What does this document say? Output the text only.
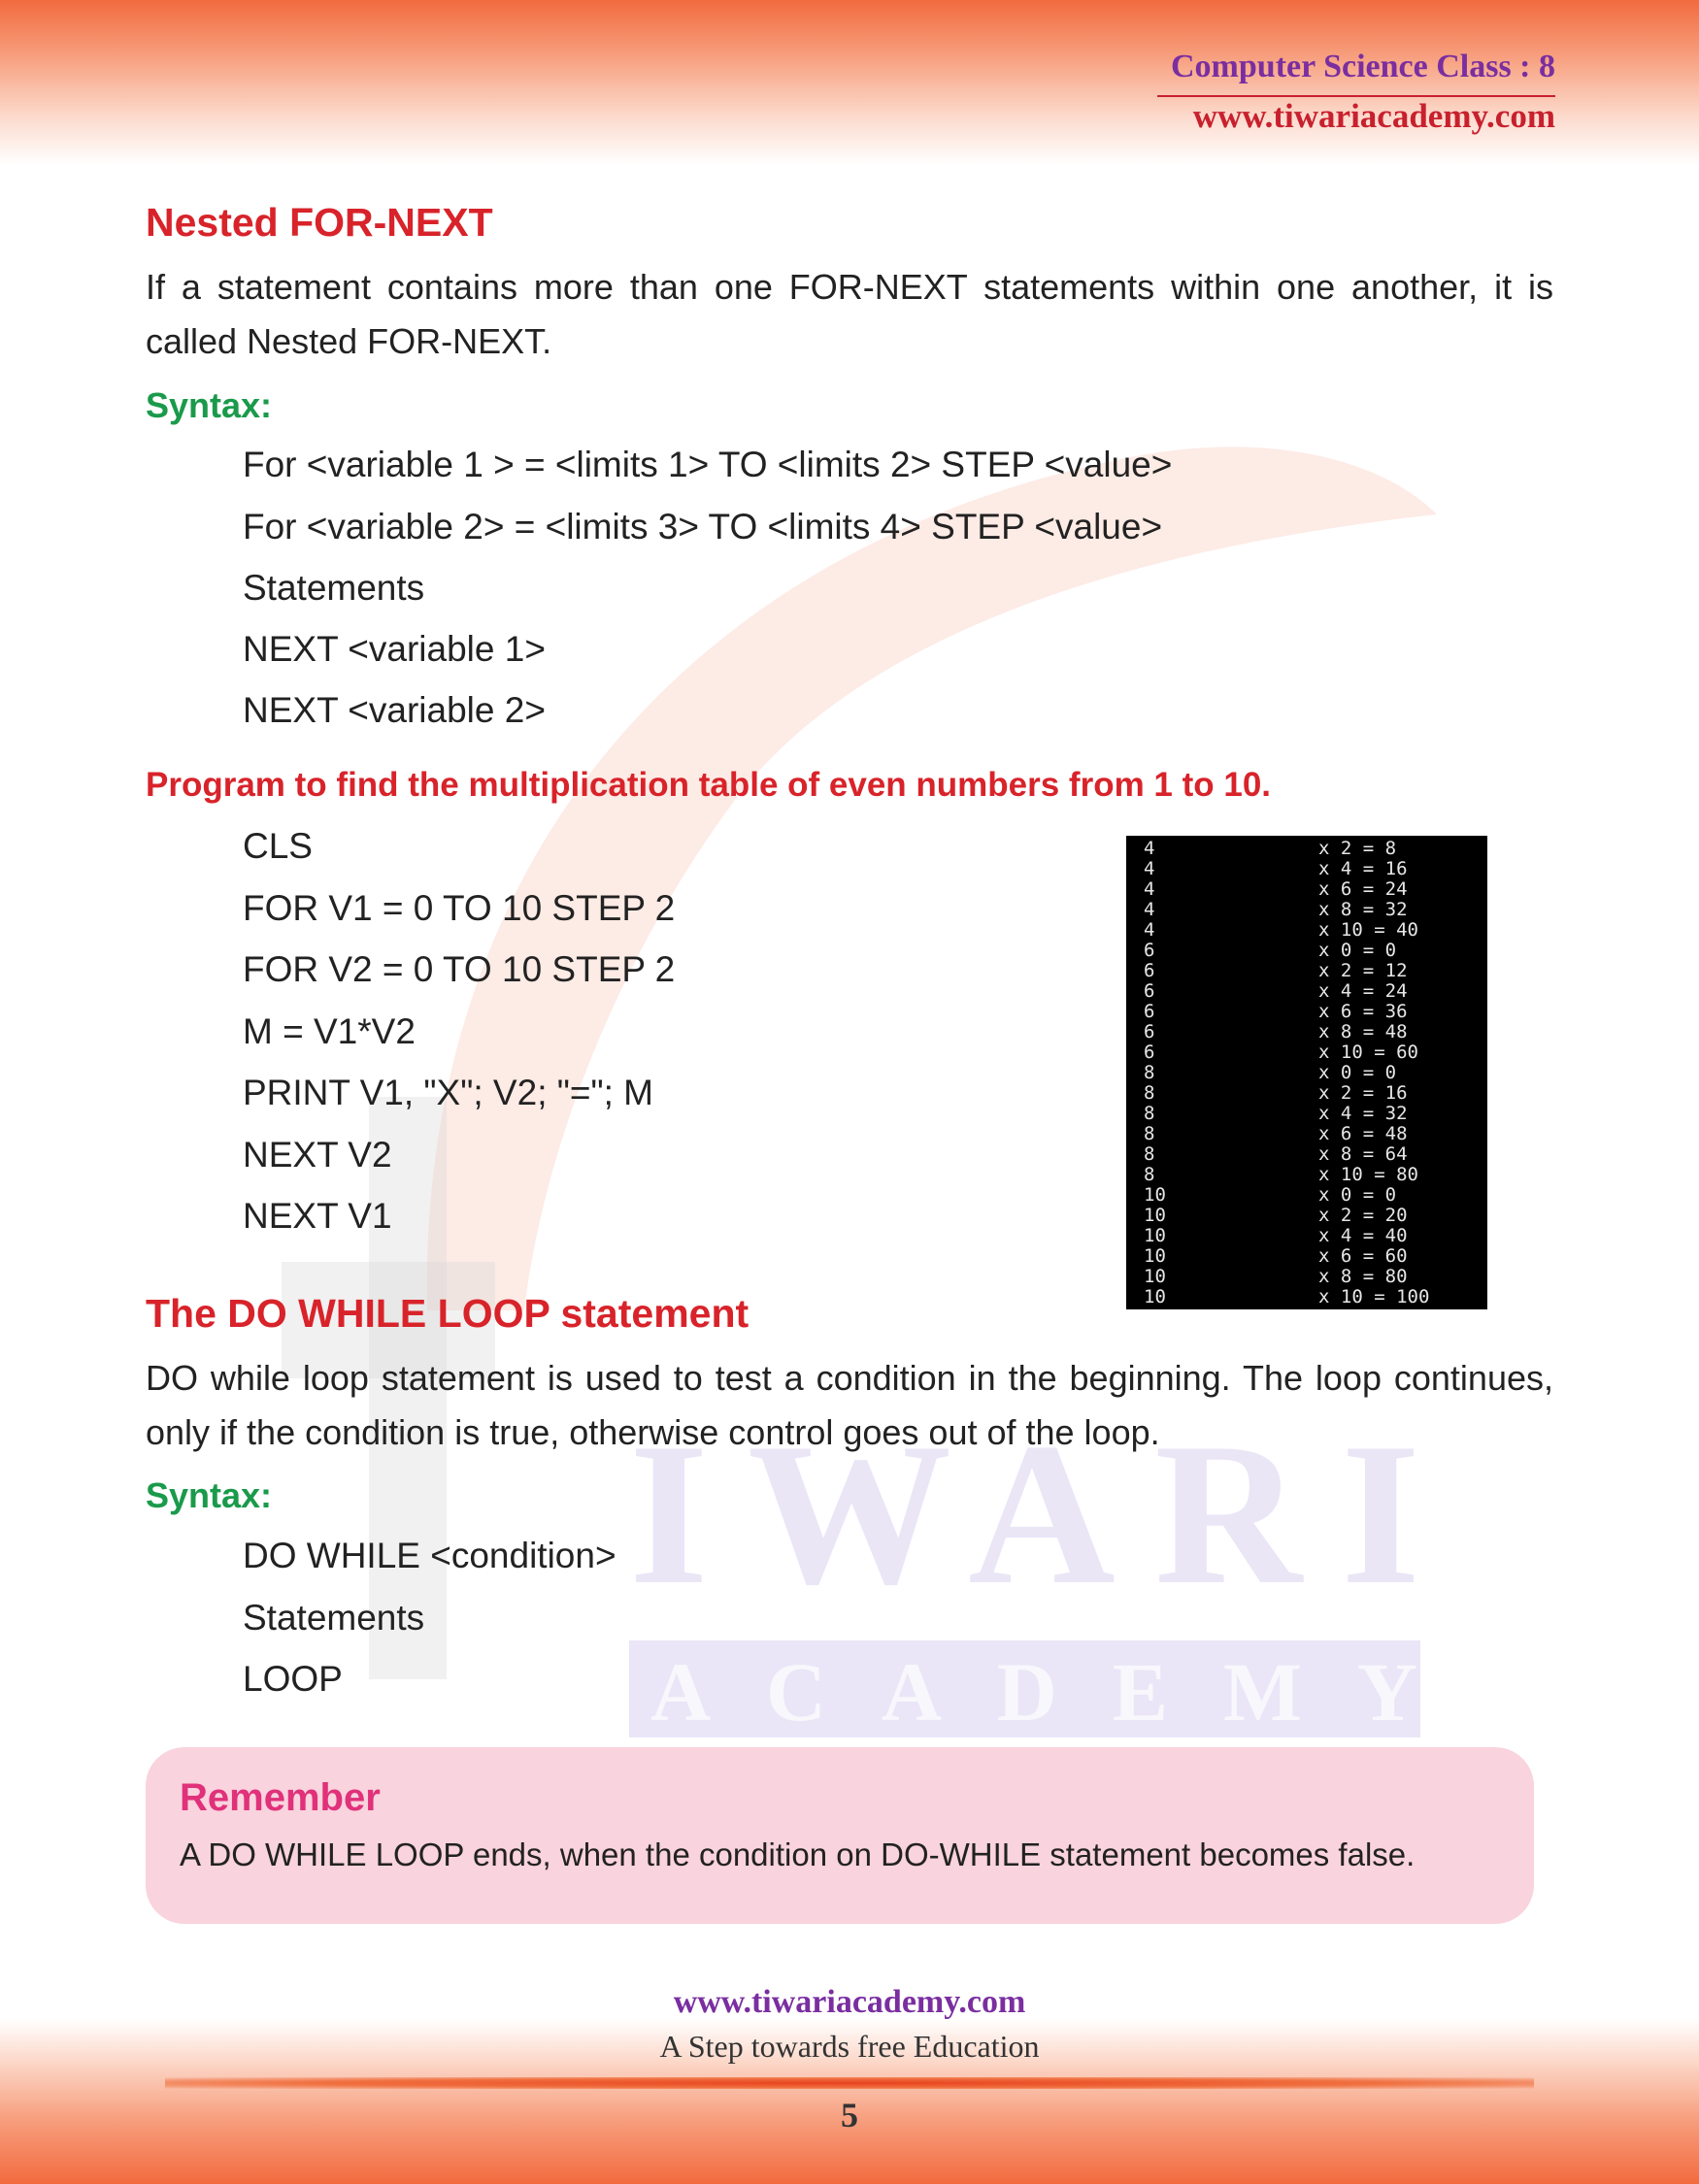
IWARI
ACADEMY
Computer Science Class : 8
www.tiwariacademy.com
Nested FOR-NEXT

If a statement contains more than one FOR-NEXT statements within one another, it is called Nested FOR-NEXT.

Syntax:

For <variable 1 > = <limits 1> TO <limits 2> STEP <value>

For <variable 2> = <limits 3> TO <limits 4> STEP <value>

Statements

NEXT <variable 1>

NEXT <variable 2>

Program to find the multiplication table of even numbers from 1 to 10.

CLS

FOR V1 = 0 TO 10 STEP 2

FOR V2 = 0 TO 10 STEP 2

M = V1*V2

PRINT V1, "X"; V2; "="; M

NEXT V2

NEXT V1

4	x 2 = 8
4	x 4 = 16
4	x 6 = 24
4	x 8 = 32
4	x 10 = 40
6	x 0 = 0
6	x 2 = 12
6	x 4 = 24
6	x 6 = 36
6	x 8 = 48
6	x 10 = 60
8	x 0 = 0
8	x 2 = 16
8	x 4 = 32
8	x 6 = 48
8	x 8 = 64
8	x 10 = 80
10	x 0 = 0
10	x 2 = 20
10	x 4 = 40
10	x 6 = 60
10	x 8 = 80
10	x 10 = 100
The DO WHILE LOOP statement

DO while loop statement is used to test a condition in the beginning. The loop continues, only if the condition is true, otherwise control goes out of the loop.

Syntax:

DO WHILE <condition>

Statements

LOOP

Remember
A DO WHILE LOOP ends, when the condition on DO-WHILE statement becomes false.
www.tiwariacademy.com
A Step towards free Education
5
